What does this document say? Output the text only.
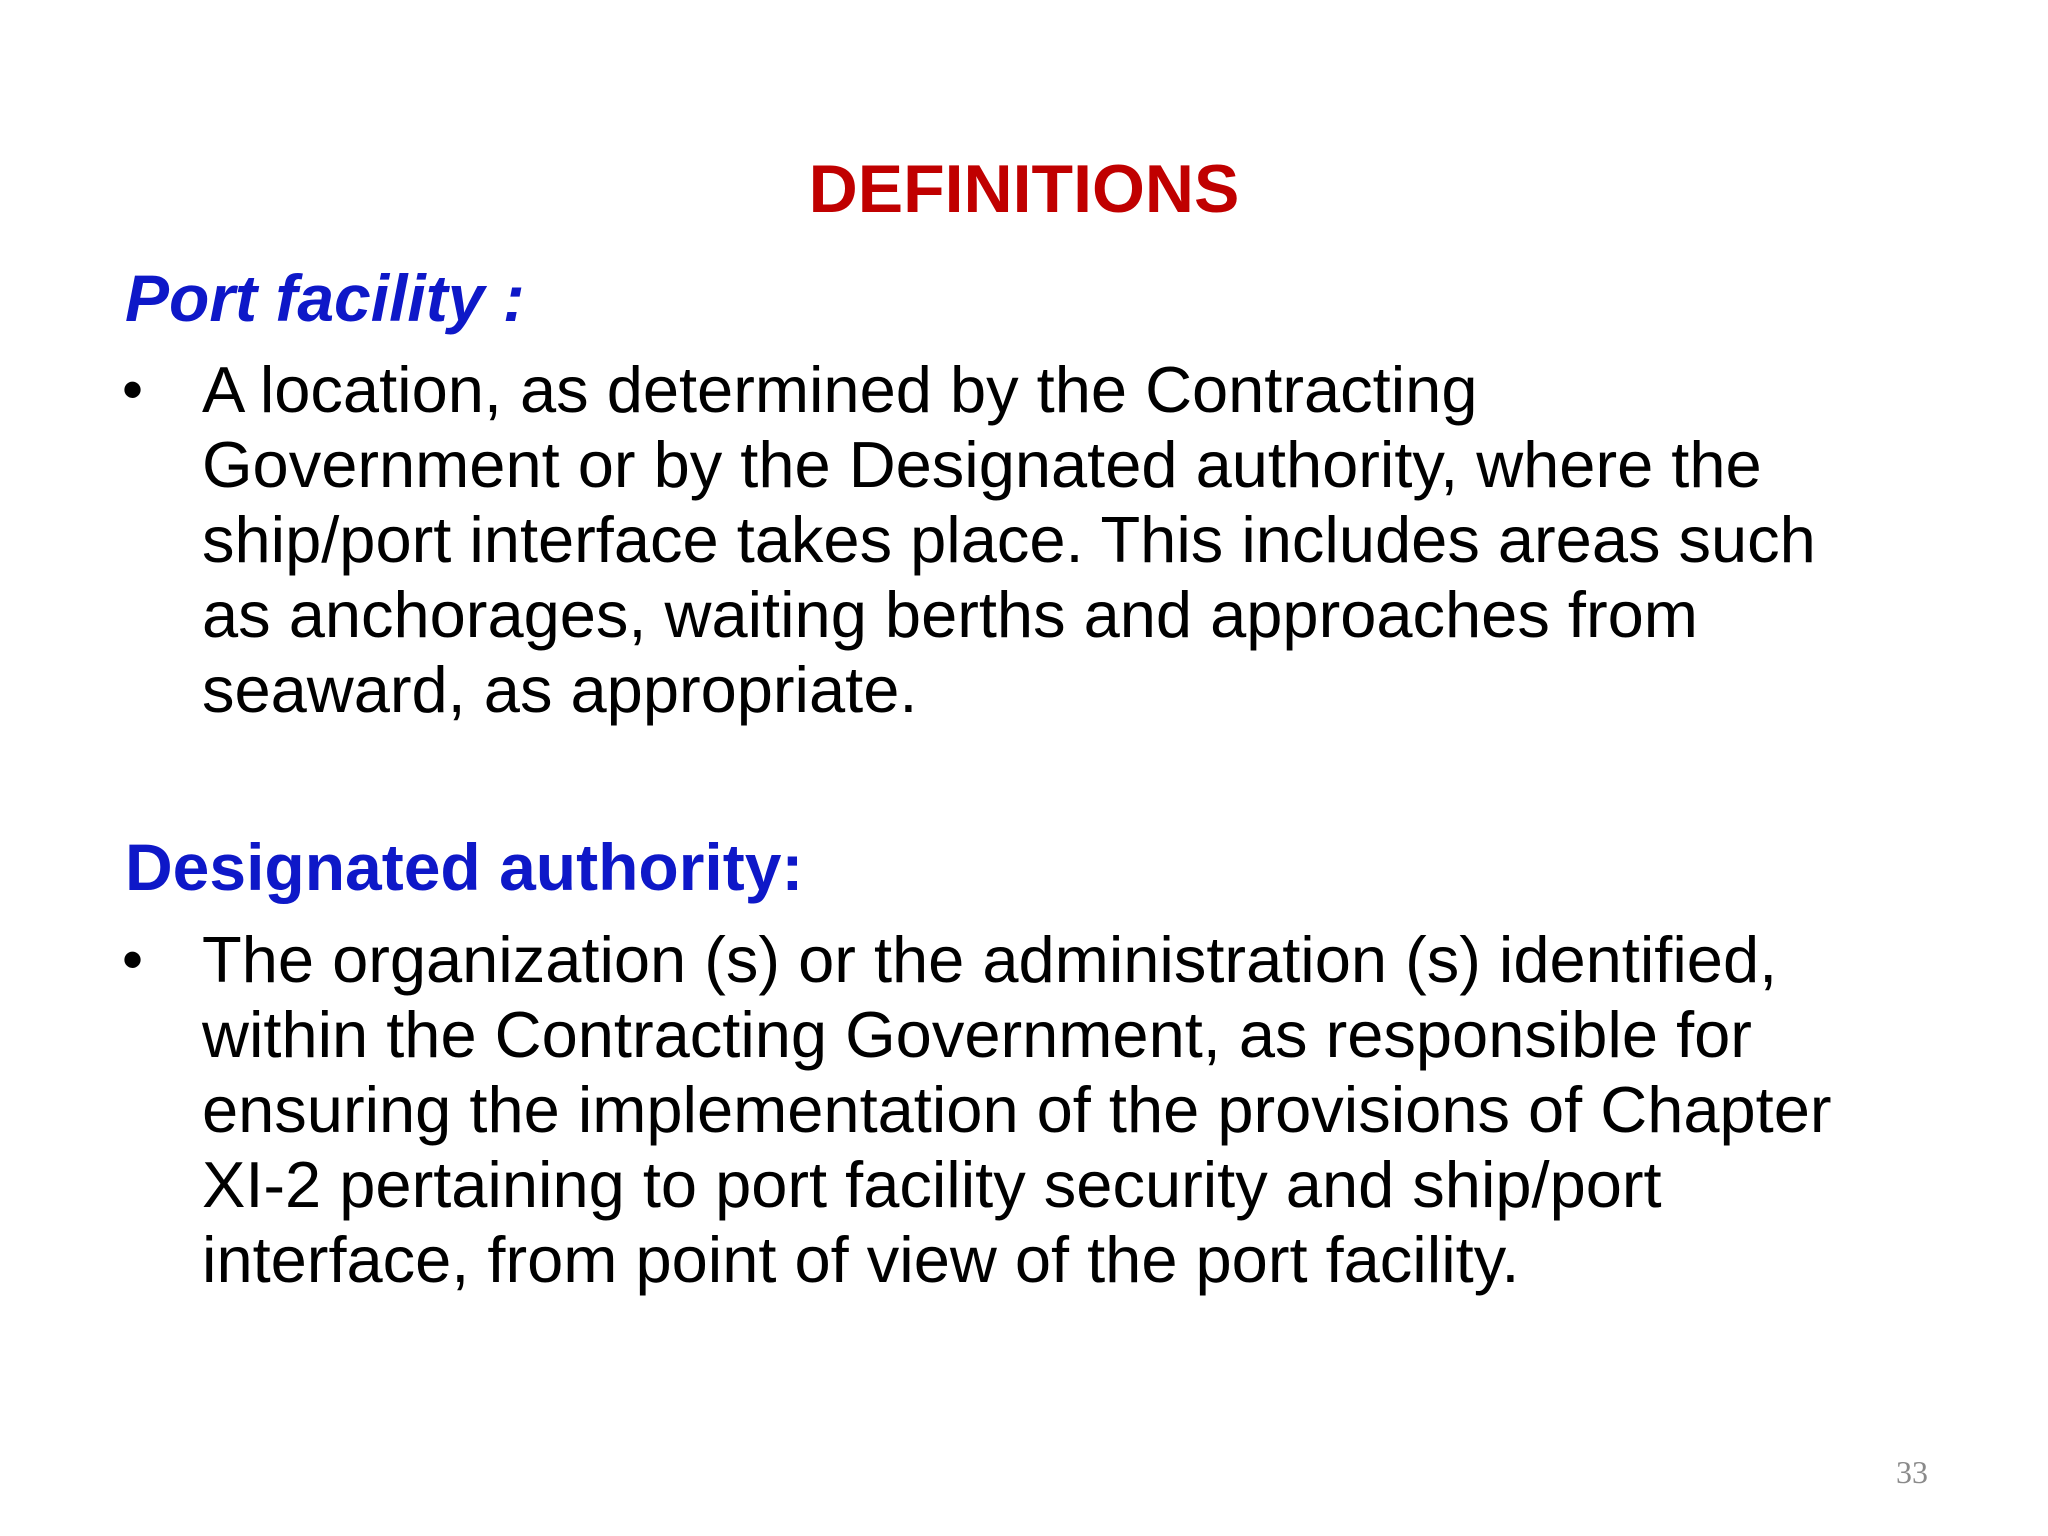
DEFINITIONS
Port facility :
• A location, as determined by the Contracting

Government or by the Designated authority, where the

ship/port interface takes place. This includes areas such

as anchorages, waiting berths and approaches from

seaward, as appropriate.

Designated authority:
• The organization (s) or the administration (s) identified,

within the Contracting Government, as responsible for

ensuring the implementation of the provisions of Chapter

XI-2 pertaining to port facility security and ship/port

interface, from point of view of the port facility.

33
